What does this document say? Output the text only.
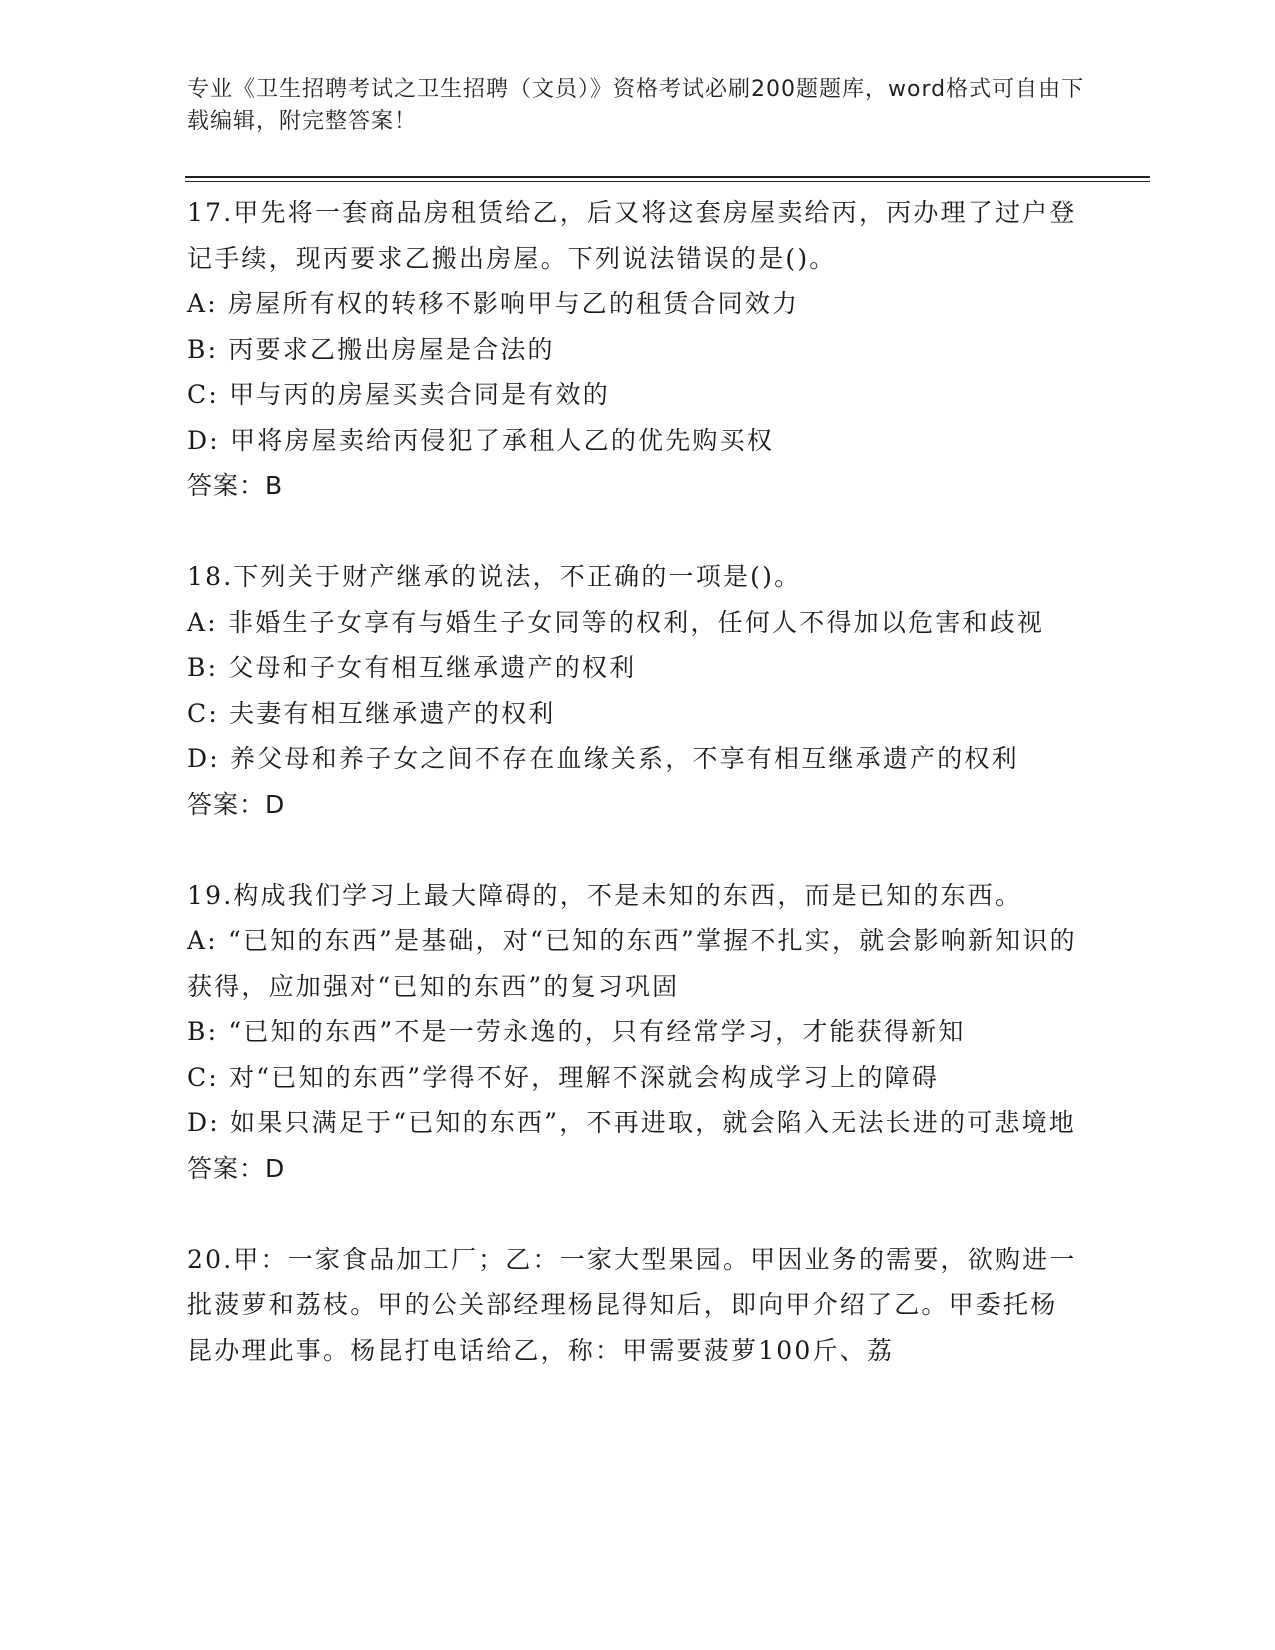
专业《卫生招聘考试之卫生招聘（文员）》资格考试必刷200题题库，word格式可自由下载编辑，附完整答案！

17.甲先将一套商品房租赁给乙，后又将这套房屋卖给丙，丙办理了过户登记手续，现丙要求乙搬出房屋。下列说法错误的是()。

A: 房屋所有权的转移不影响甲与乙的租赁合同效力

B: 丙要求乙搬出房屋是合法的

C: 甲与丙的房屋买卖合同是有效的

D: 甲将房屋卖给丙侵犯了承租人乙的优先购买权

答案：B

18.下列关于财产继承的说法，不正确的一项是()。

A: 非婚生子女享有与婚生子女同等的权利，任何人不得加以危害和歧视

B: 父母和子女有相互继承遗产的权利

C: 夫妻有相互继承遗产的权利

D: 养父母和养子女之间不存在血缘关系，不享有相互继承遗产的权利

答案：D

19.构成我们学习上最大障碍的，不是未知的东西，而是已知的东西。

A: “已知的东西”是基础，对“已知的东西”掌握不扎实，就会影响新知识的获得，应加强对“已知的东西”的复习巩固

B: “已知的东西”不是一劳永逸的，只有经常学习，才能获得新知

C: 对“已知的东西”学得不好，理解不深就会构成学习上的障碍

D: 如果只满足于“已知的东西”，不再进取，就会陷入无法长进的可悲境地

答案：D

20.甲：一家食品加工厂；乙：一家大型果园。甲因业务的需要，欲购进一批菠萝和荔枝。甲的公关部经理杨昆得知后，即向甲介绍了乙。甲委托杨昆办理此事。杨昆打电话给乙，称：甲需要菠萝100斤、荔
